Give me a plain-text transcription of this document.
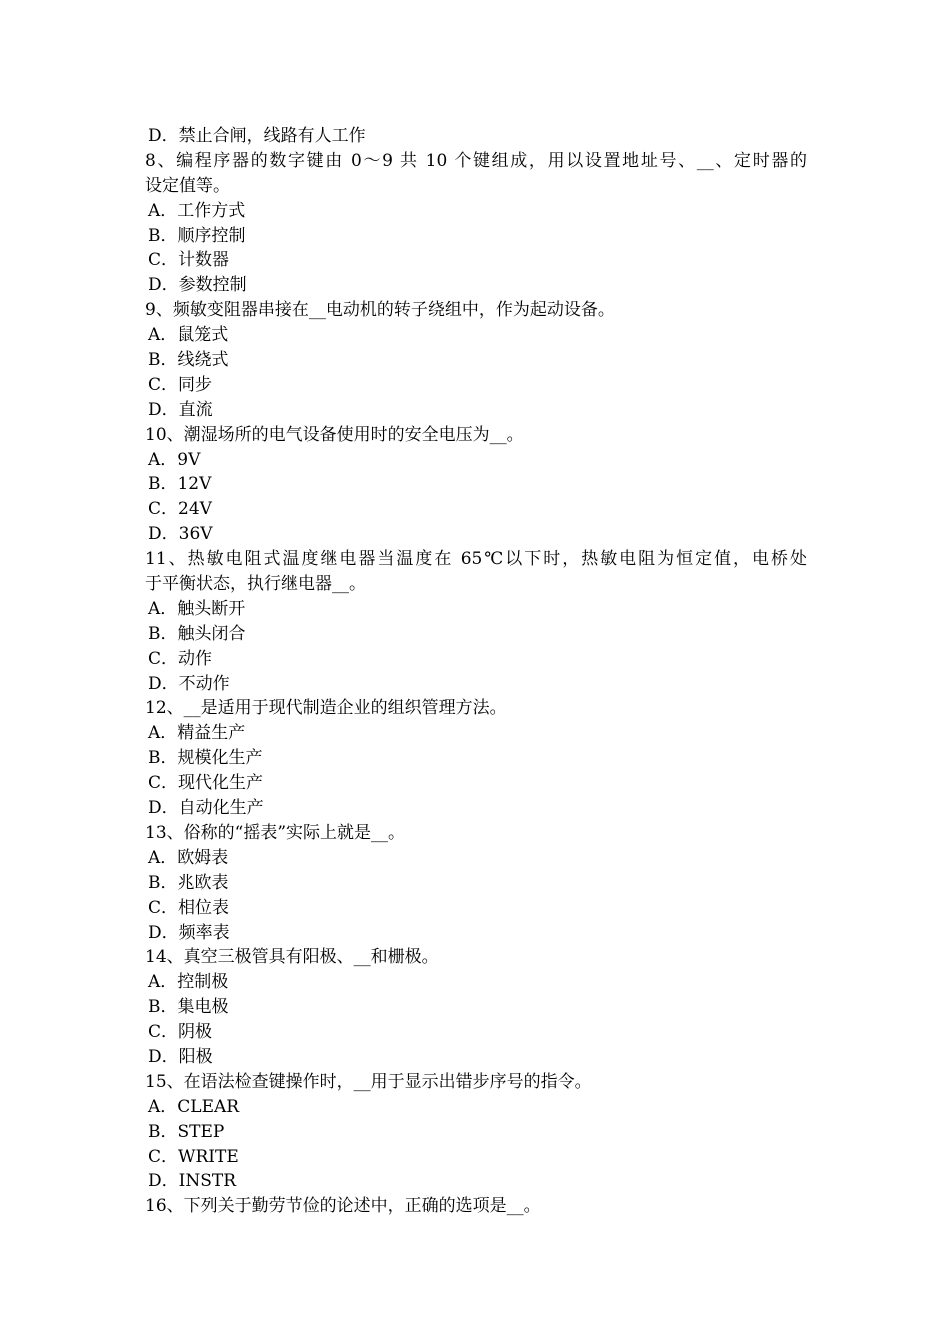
D．禁止合闸，线路有人工作
8、编程序器的数字键由 0～9 共 10 个键组成，用以设置地址号、__、定时器的
设定值等。
A．工作方式
B．顺序控制
C．计数器
D．参数控制
9、频敏变阻器串接在__电动机的转子绕组中，作为起动设备。
A．鼠笼式
B．线绕式
C．同步
D．直流
10、潮湿场所的电气设备使用时的安全电压为__。
A．9V
B．12V
C．24V
D．36V
11、热敏电阻式温度继电器当温度在 65℃以下时，热敏电阻为恒定值，电桥处
于平衡状态，执行继电器__。
A．触头断开
B．触头闭合
C．动作
D．不动作
12、__是适用于现代制造企业的组织管理方法。
A．精益生产
B．规模化生产
C．现代化生产
D．自动化生产
13、俗称的“摇表”实际上就是__。
A．欧姆表
B．兆欧表
C．相位表
D．频率表
14、真空三极管具有阳极、__和栅极。
A．控制极
B．集电极
C．阴极
D．阳极
15、在语法检查键操作时，__用于显示出错步序号的指令。
A．CLEAR
B．STEP
C．WRITE
D．INSTR
16、下列关于勤劳节俭的论述中，正确的选项是__。
